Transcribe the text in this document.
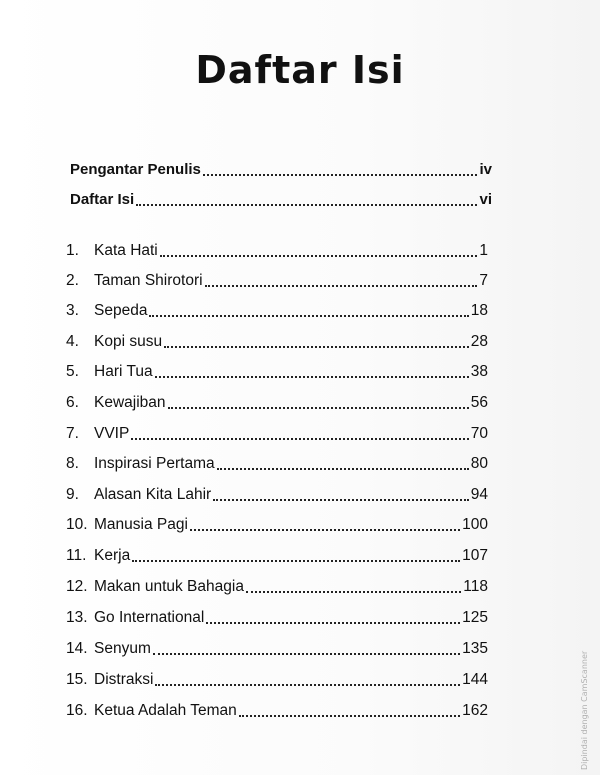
Daftar Isi
Pengantar Penulis	iv
Daftar Isi	vi
1. Kata Hati	1
2. Taman Shirotori	7
3. Sepeda	18
4. Kopi susu	28
5. Hari Tua	38
6. Kewajiban	56
7. VVIP	70
8. Inspirasi Pertama	80
9. Alasan Kita Lahir	94
10. Manusia Pagi	100
11. Kerja	107
12. Makan untuk Bahagia	118
13. Go International	125
14. Senyum	135
15. Distraksi	144
16. Ketua Adalah Teman	162	Dipindai dengan CamScanner
